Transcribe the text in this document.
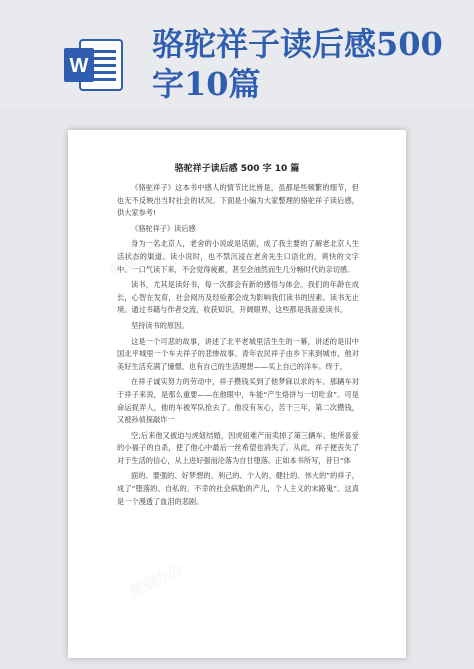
W
骆驼祥子读后感500字10篇
熊猫办公
熊猫办公
熊猫办公
骆驼祥子读后感 500 字 10 篇

《骆驼祥子》这本书中感人的情节比比皆是，虽都是些频繁的细节，但也无不反映出当时社会的状况。下面是小编为大家整理的骆驼祥子读后感，供大家参考!

《骆驼祥子》读后感

身为一名北京人，老舍的小说或是话剧，成了我主要的了解老北京人生活状态的渠道。读小说时，也不禁沉浸在老舍先生口语化的，爽快的文字中。一口气读下来，不会觉得疲累，甚至会油然而生几分畅时代的亲切感。

读书，尤其是读好书，每一次都会有新的感悟与体会。我们的年龄在成长，心智在发育，社会阅历及经验都会成为影响我们读书的因素。读书无止境。通过书籍与作者交流，收获知识，开阔眼界，这些都是我喜爱读书。

坚持读书的原因。

这是一个可悲的故事，讲述了北平老城里活生生的一幕，讲述的是旧中国北平城里一个车夫祥子的悲惨故事。青年农民祥子由乡下来到城市，他对美好生活充满了憧憬，也有自己的生活理想——买上自己的洋车。终于，

在祥子诚实努力的劳动中，祥子攒钱买到了他梦寐以求的车。那辆车对于祥子来说，是那么重要——在他眼中，车能“产生烙饼与一切吃食”。可是命运捉弄人，他的车被军队抢去了。他没有灰心，苦干三年，第二次攒钱，又被孙侦探敲诈一

空;后来他又被迫与虎妞结婚，因虎妞难产而卖掉了第三辆车。他所喜爱的小福子的自杀，使了他心中最后一丝希望也消失了。从此，祥子便丧失了对于生活的信心，从上进好强而沦落为自甘堕落。正如本书所写，昔日“体

面的、要强的、好梦想的、利己的、个人的、健壮的、伟大的”的祥子，成了“堕落的、自私的、不幸的社会病胎的产儿，个人主义的末路鬼”。这真是一个漫透了血泪的悲剧。
